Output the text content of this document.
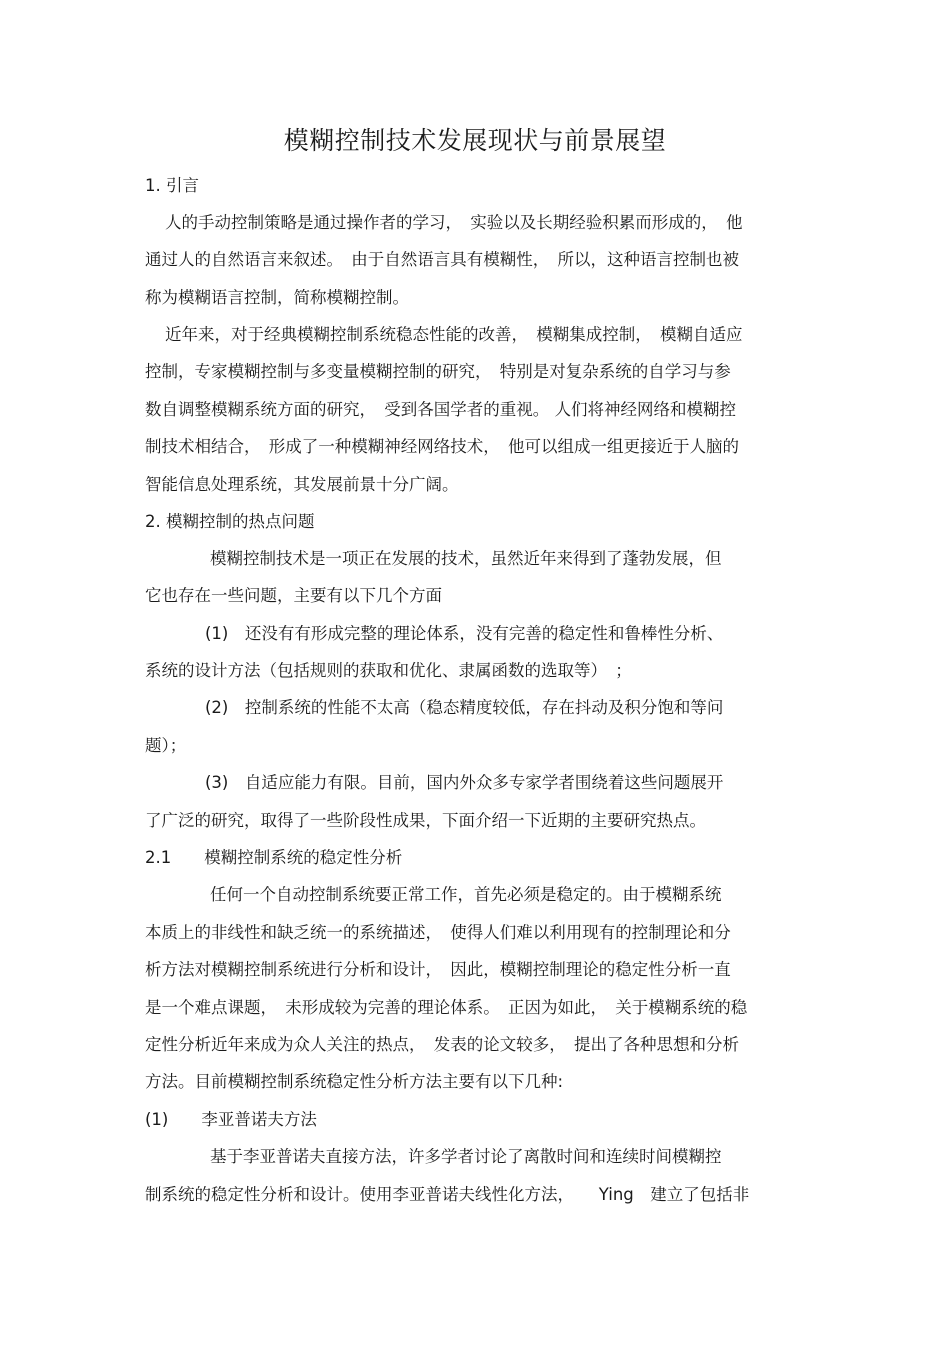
模糊控制技术发展现状与前景展望
1. 引言
人的手动控制策略是通过操作者的学习，　实验以及长期经验积累而形成的，　他
通过人的自然语言来叙述。　由于自然语言具有模糊性，　所以，这种语言控制也被
称为模糊语言控制，简称模糊控制。
近年来，对于经典模糊控制系统稳态性能的改善，　模糊集成控制，　模糊自适应
控制，专家模糊控制与多变量模糊控制的研究，　特别是对复杂系统的自学习与参
数自调整模糊系统方面的研究，　受到各国学者的重视。 人们将神经网络和模糊控
制技术相结合，　形成了一种模糊神经网络技术，　他可以组成一组更接近于人脑的
智能信息处理系统，其发展前景十分广阔。
2. 模糊控制的热点问题
模糊控制技术是一项正在发展的技术，虽然近年来得到了蓬勃发展，但
它也存在一些问题，主要有以下几个方面
(1)　还没有有形成完整的理论体系，没有完善的稳定性和鲁棒性分析、
系统的设计方法（包括规则的获取和优化、隶属函数的选取等）　；
(2)　控制系统的性能不太高（稳态精度较低，存在抖动及积分饱和等问
题）；
(3)　自适应能力有限。目前，国内外众多专家学者围绕着这些问题展开
了广泛的研究，取得了一些阶段性成果，下面介绍一下近期的主要研究热点。
2.1　　模糊控制系统的稳定性分析
任何一个自动控制系统要正常工作，首先必须是稳定的。由于模糊系统
本质上的非线性和缺乏统一的系统描述，　使得人们难以利用现有的控制理论和分
析方法对模糊控制系统进行分析和设计，　因此，模糊控制理论的稳定性分析一直
是一个难点课题，　未形成较为完善的理论体系。　正因为如此，　关于模糊系统的稳
定性分析近年来成为众人关注的热点，　发表的论文较多，　提出了各种思想和分析
方法。目前模糊控制系统稳定性分析方法主要有以下几种:
(1)　　李亚普诺夫方法
基于李亚普诺夫直接方法，许多学者讨论了离散时间和连续时间模糊控
制系统的稳定性分析和设计。使用李亚普诺夫线性化方法，　　Ying　建立了包括非
